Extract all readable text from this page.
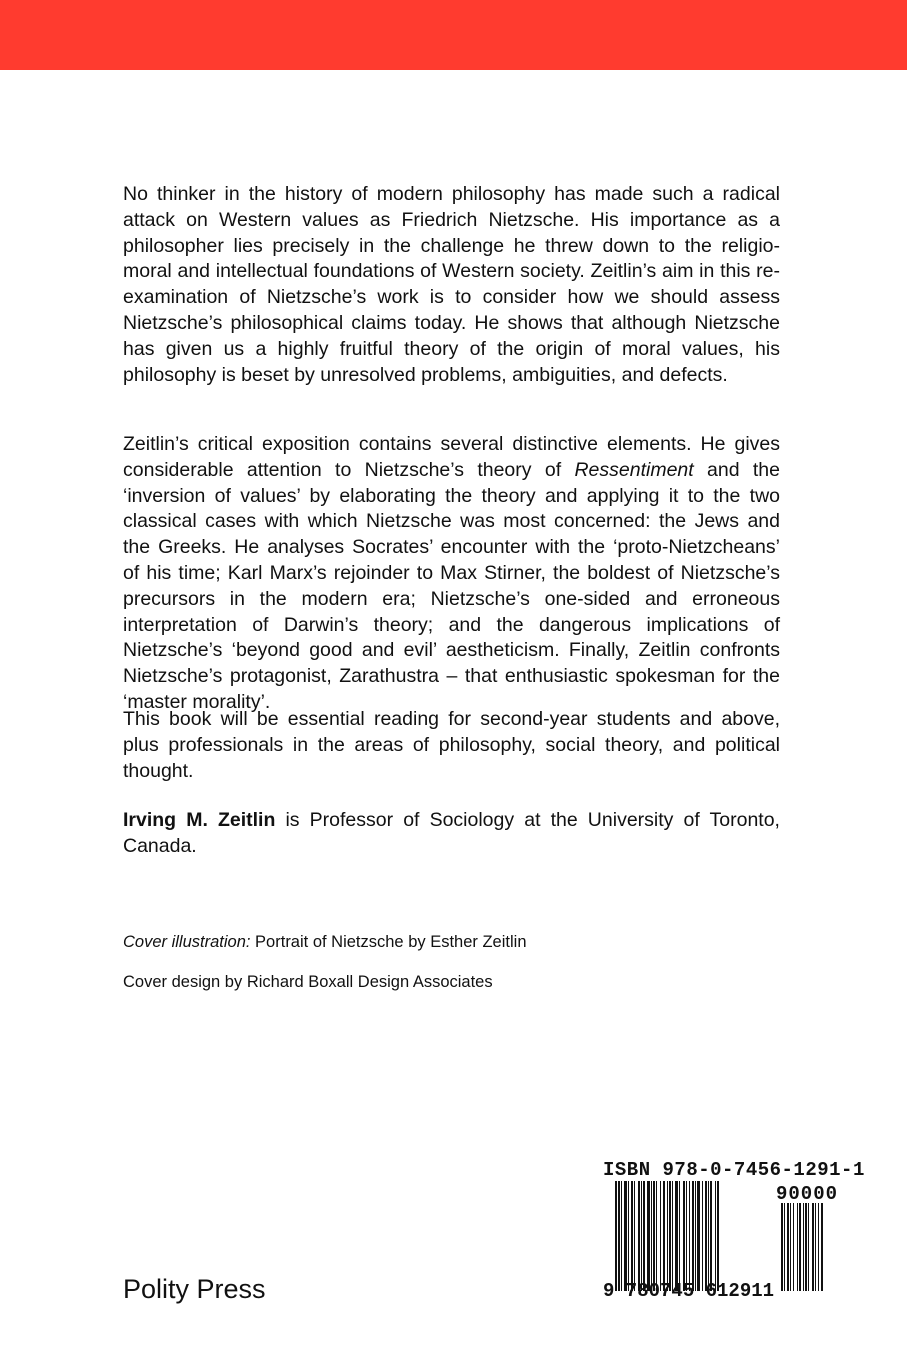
No thinker in the history of modern philosophy has made such a radical attack on Western values as Friedrich Nietzsche. His importance as a philosopher lies precisely in the challenge he threw down to the religio-moral and intellectual foundations of Western society. Zeitlin’s aim in this re-examination of Nietzsche’s work is to consider how we should assess Nietzsche’s philosophical claims today. He shows that although Nietzsche has given us a highly fruitful theory of the origin of moral values, his philosophy is beset by unresolved problems, ambiguities, and defects.

Zeitlin’s critical exposition contains several distinctive elements. He gives considerable attention to Nietzsche’s theory of Ressentiment and the ‘inversion of values’ by elaborating the theory and applying it to the two classical cases with which Nietzsche was most concerned: the Jews and the Greeks. He analyses Socrates’ encounter with the ‘proto-Nietzcheans’ of his time; Karl Marx’s rejoinder to Max Stirner, the boldest of Nietzsche’s precursors in the modern era; Nietzsche’s one-sided and erroneous interpretation of Darwin’s theory; and the dangerous implications of Nietzsche’s ‘beyond good and evil’ aestheticism. Finally, Zeitlin confronts Nietzsche’s protagonist, Zarathustra – that enthusiastic spokesman for the ‘master morality’.

This book will be essential reading for second-year students and above, plus professionals in the areas of philosophy, social theory, and political thought.

Irving M. Zeitlin is Professor of Sociology at the University of Toronto, Canada.

Cover illustration: Portrait of Nietzsche by Esther Zeitlin

Cover design by Richard Boxall Design Associates

Polity Press

ISBN 978-0-7456-1291-1
90000
9 780745 612911
